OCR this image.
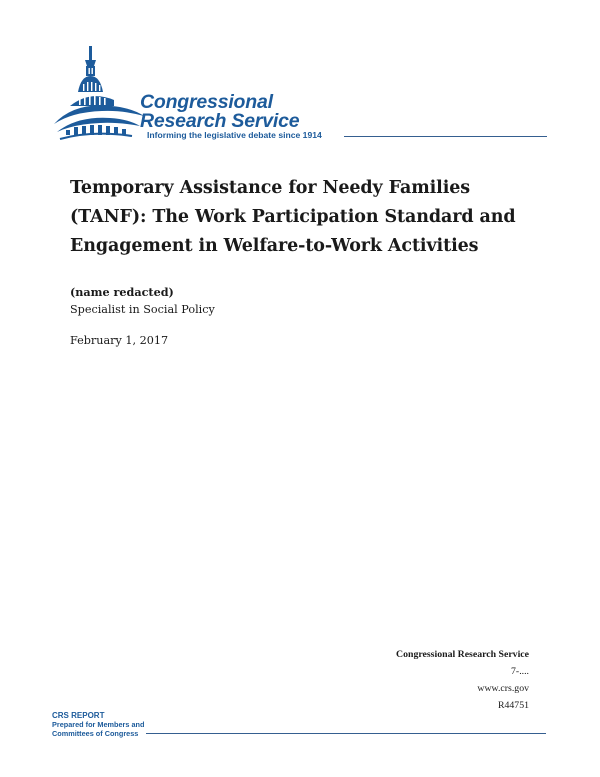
Congressional
Research Service
Informing the legislative debate since 1914
Temporary Assistance for Needy Families (TANF): The Work Participation Standard and Engagement in Welfare-to-Work Activities
(name redacted)
Specialist in Social Policy
February 1, 2017
Congressional Research Service
7-....
www.crs.gov
R44751
CRS REPORT
Prepared for Members and
Committees of Congress
